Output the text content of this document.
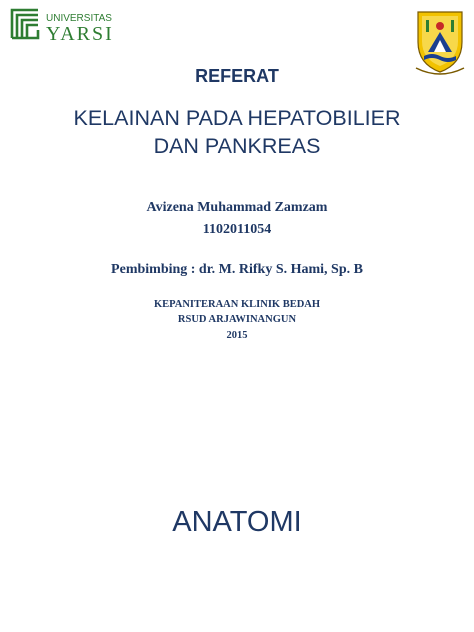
UNIVERSITAS
YARSI
REFERAT
KELAINAN PADA HEPATOBILIER
DAN PANKREAS
Avizena Muhammad Zamzam
1102011054
Pembimbing : dr. M. Rifky S. Hami, Sp. B
KEPANITERAAN KLINIK BEDAH
RSUD ARJAWINANGUN
2015
ANATOMI
